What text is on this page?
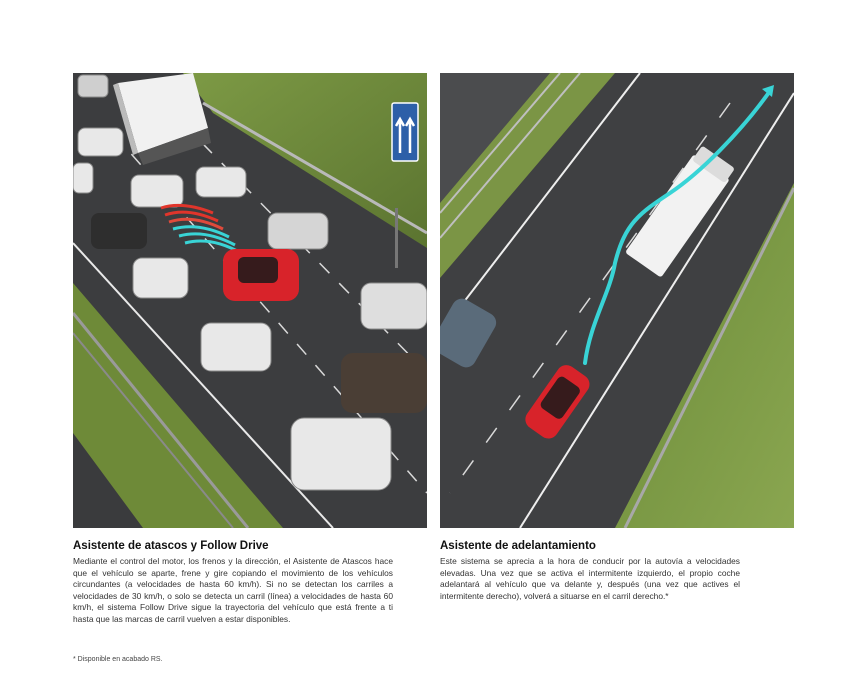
Asistente de atascos y Follow Drive

Mediante el control del motor, los frenos y la dirección, el Asistente de Atascos hace que el vehículo se aparte, frene y gire copiando el movimiento de los vehículos circundantes (a velocidades de hasta 60 km/h). Si no se detectan los carriles a velocidades de 30 km/h, o solo se detecta un carril (línea) a velocidades de hasta 60 km/h, el sistema Follow Drive sigue la trayectoria del vehículo que está frente a ti hasta que las marcas de carril vuelven a estar disponibles.

Asistente de adelantamiento

Este sistema se aprecia a la hora de conducir por la autovía a velocidades elevadas. Una vez que se activa el intermitente izquierdo, el propio coche adelantará al vehículo que va delante y, después (una vez que actives el intermitente derecho), volverá a situarse en el carril derecho.*

* Disponible en acabado RS.
